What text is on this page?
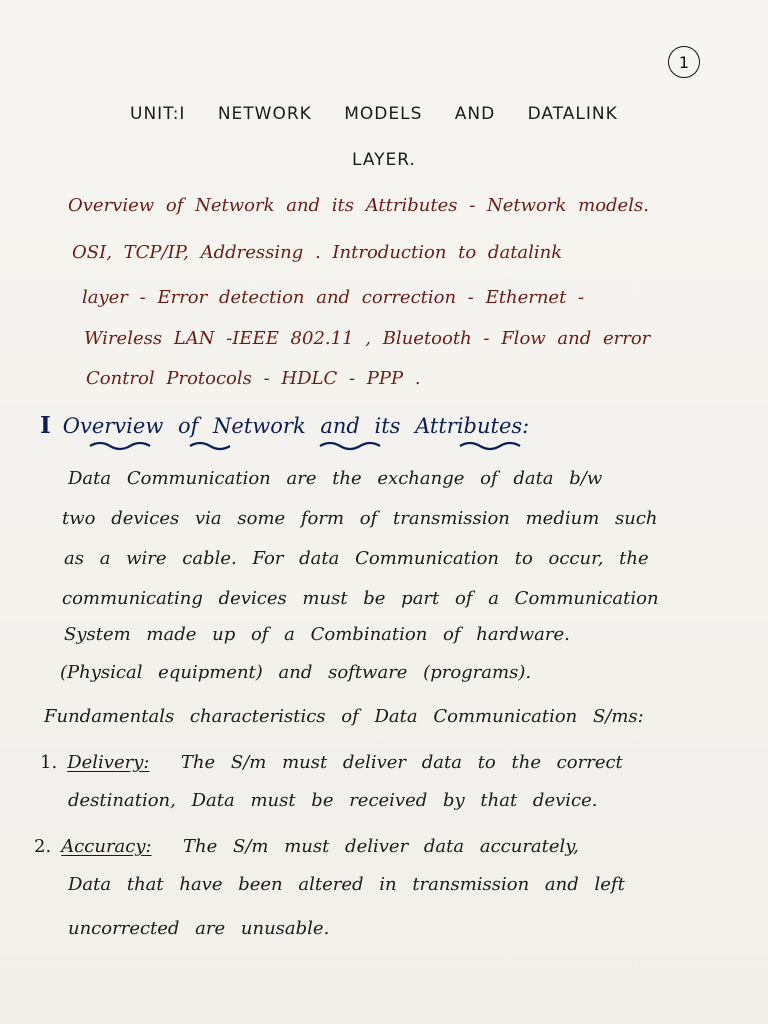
1
UNIT:I NETWORK MODELS AND DATALINK
LAYER.
Overview of Network and its Attributes - Network models.
OSI, TCP/IP, Addressing . Introduction to datalink
layer - Error detection and correction - Ethernet -
Wireless LAN -IEEE 802.11 , Bluetooth - Flow and error
Control Protocols - HDLC - PPP .
I Overview of Network and its Attributes:
Data Communication are the exchange of data b/w
two devices via some form of transmission medium such
as a wire cable. For data Communication to occur, the
communicating devices must be part of a Communication
System made up of a Combination of hardware.
(Physical equipment) and software (programs).
Fundamentals characteristics of Data Communication S/ms:
1. Delivery: The S/m must deliver data to the correct
destination, Data must be received by that device.
2. Accuracy: The S/m must deliver data accurately,
Data that have been altered in transmission and left
uncorrected are unusable.
